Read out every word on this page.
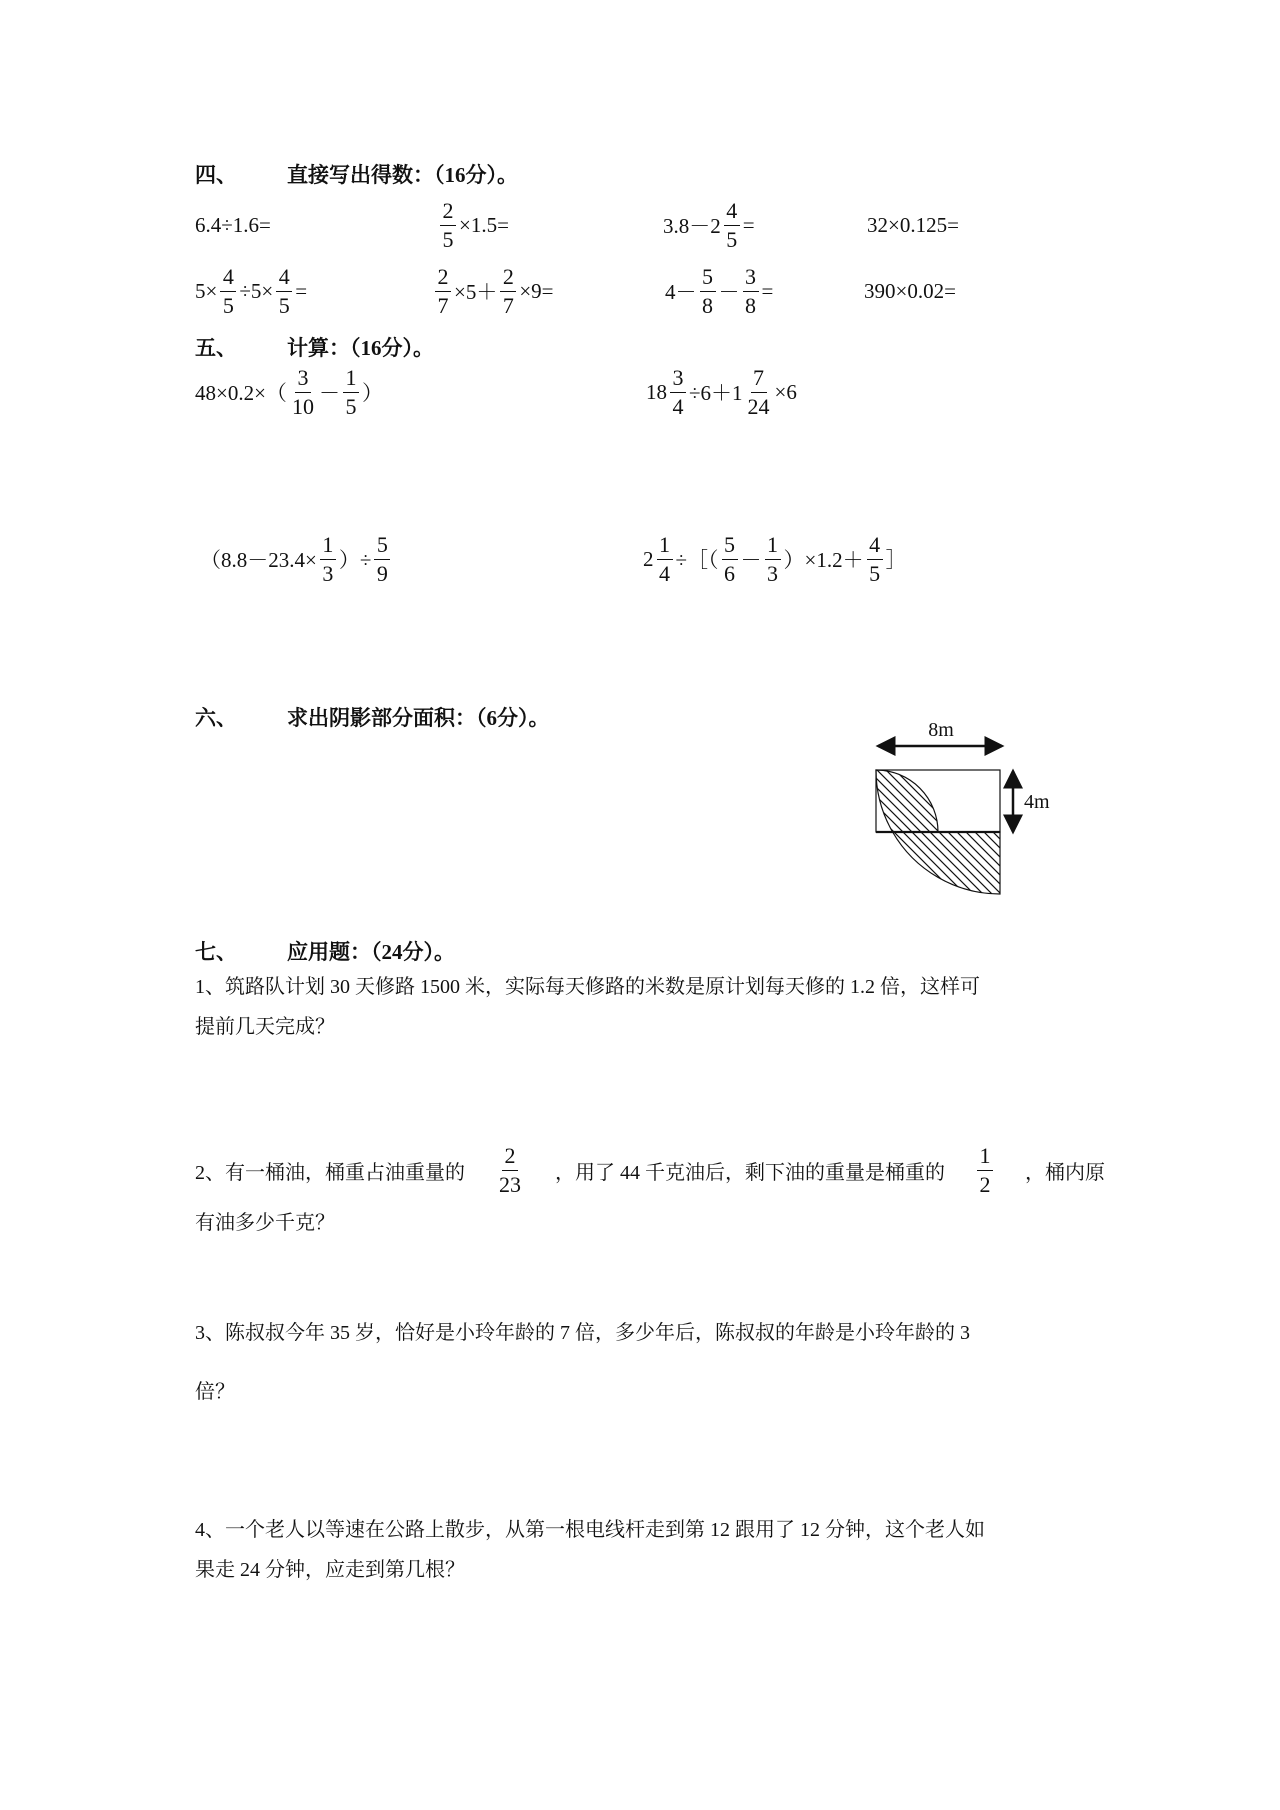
四、 直接写出得数：（16分）。
6.4÷1.6=	$\frac{2}{5} \times 1.5=$	$3.8-2 \frac{4}{5}$ =	32×0.125=
$5\times \frac{4}{5} \div 5\times \frac{4}{5}$ =	$\frac{2}{7} \times 5+ \frac{2}{7} \times 9=$	$4- \frac{5}{8} - \frac{3}{8}$ =	390×0.02=
五、 计算：（16分）。
$48\times 0.2\times( \frac{3}{10} - \frac{1}{5}$ ）	$18 \frac{3}{4} \div 6+1 \frac{7}{24} \times 6$
（$8.8-23.4\times \frac{1}{3}$ ）÷ $\frac{5}{9}$	$2 \frac{1}{4}$ ÷［（ $\frac{5}{6} - \frac{1}{3} )\times 1.2+ \frac{4}{5}$ ］
六、 求出阴影部分面积：（6分）。	8m
4m
七、 应用题：（24分）。
1、筑路队计划 30 天修路 1500 米，实际每天修路的米数是原计划每天修的 1.2 倍，这样可
提前几天完成？
2、有一桶油，桶重占油重量的 $\frac{2}{23}$ ，用了 44 千克油后，剩下油的重量是桶重的 $\frac{1}{2}$ ，桶内原
有油多少千克？
3、陈叔叔今年 35 岁，恰好是小玲年龄的 7 倍，多少年后，陈叔叔的年龄是小玲年龄的 3
倍？
4、一个老人以等速在公路上散步，从第一根电线杆走到第 12 跟用了 12 分钟，这个老人如
果走 24 分钟，应走到第几根？
